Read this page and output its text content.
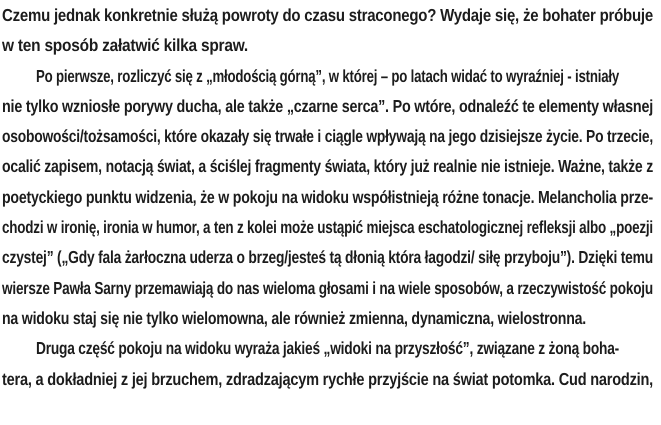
Czemu jednak konkretnie służą powroty do czasu straconego? Wydaje się, że bohater próbuje
w ten sposób załatwić kilka spraw.
Po pierwsze, rozliczyć się z „młodością górną”, w której – po latach widać to wyraźniej - istniały
nie tylko wzniosłe porywy ducha, ale także „czarne serca”. Po wtóre, odnaleźć te elementy własnej
osobowości/tożsamości, które okazały się trwałe i ciągle wpływają na jego dzisiejsze życie. Po trzecie,
ocalić zapisem, notacją świat, a ściślej fragmenty świata, który już realnie nie istnieje. Ważne, także z
poetyckiego punktu widzenia, że w pokoju na widoku współistnieją różne tonacje. Melancholia prze-
chodzi w ironię, ironia w humor, a ten z kolei może ustąpić miejsca eschatologicznej refleksji albo „poezji
czystej” („Gdy fala żarłoczna uderza o brzeg/jesteś tą dłonią która łagodzi/ siłę przyboju”). Dzięki temu
wiersze Pawła Sarny przemawiają do nas wieloma głosami i na wiele sposobów, a rzeczywistość pokoju
na widoku staj się nie tylko wielomowna, ale również zmienna, dynamiczna, wielostronna.
Druga część pokoju na widoku wyraża jakieś „widoki na przyszłość”, związane z żoną boha-
tera, a dokładniej z jej brzuchem, zdradzającym rychłe przyjście na świat potomka. Cud narodzin,
